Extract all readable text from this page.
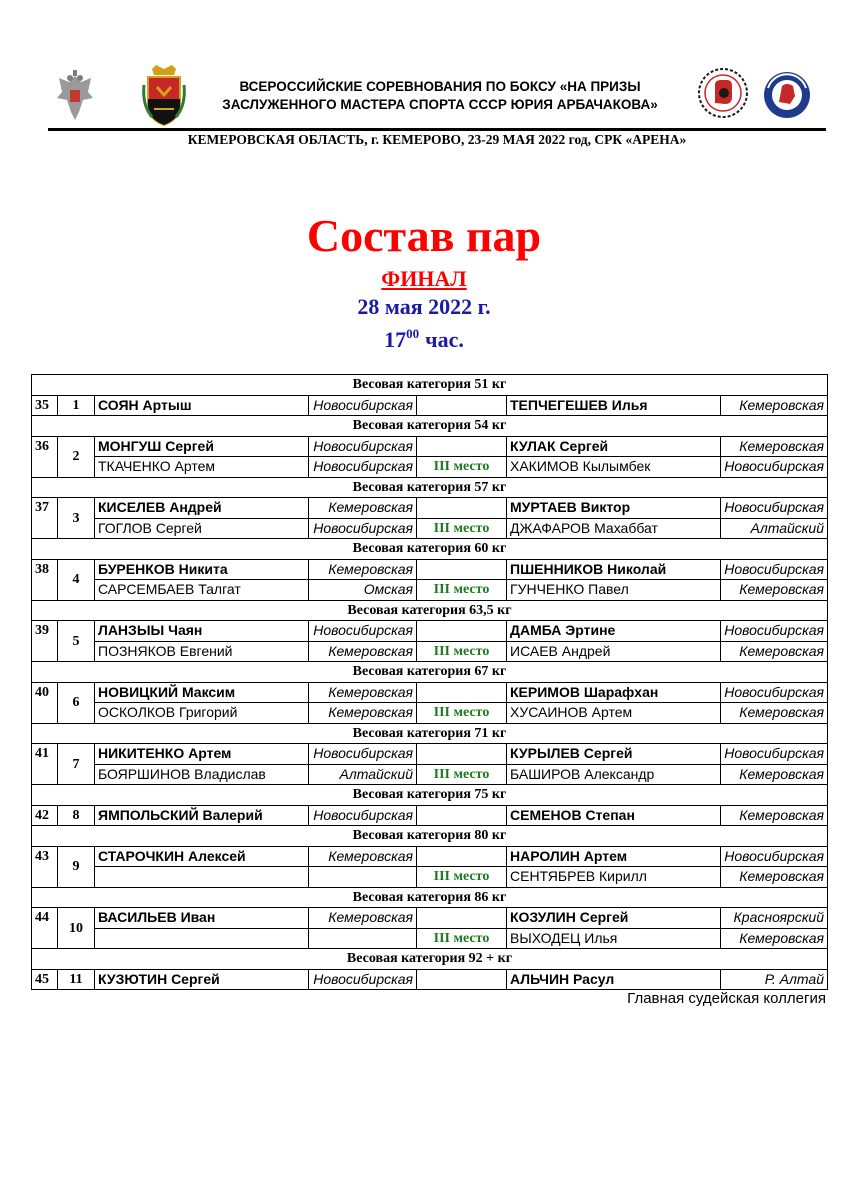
ВСЕРОССИЙСКИЕ СОРЕВНОВАНИЯ ПО БОКСУ «НА ПРИЗЫ
ЗАСЛУЖЕННОГО МАСТЕРА СПОРТА СССР ЮРИЯ АРБАЧАКОВА»
КЕМЕРОВСКАЯ ОБЛАСТЬ, г. КЕМЕРОВО, 23-29 МАЯ 2022 год, СРК «АРЕНА»
Состав пар
ФИНАЛ
28 мая 2022 г.
$17^{00}$ час.
Весовая категория 51 кг						
35	1	СОЯН Артыш	Новосибирская		ТЕПЧЕГЕШЕВ Илья	Кемеровская
Весовая категория 54 кг						
36	2	МОНГУШ Сергей	Новосибирская		КУЛАК Сергей	Кемеровская
		ТКАЧЕНКО Артем	Новосибирская	III место	ХАКИМОВ Кылымбек	Новосибирская
Весовая категория 57 кг						
37	3	КИСЕЛЕВ Андрей	Кемеровская		МУРТАЕВ Виктор	Новосибирская
		ГОГЛОВ Сергей	Новосибирская	III место	ДЖАФАРОВ Махаббат	Алтайский
Весовая категория 60 кг						
38	4	БУРЕНКОВ Никита	Кемеровская		ПШЕННИКОВ Николай	Новосибирская
		САРСЕМБАЕВ Талгат	Омская	III место	ГУНЧЕНКО Павел	Кемеровская
Весовая категория 63,5 кг						
39	5	ЛАНЗЫЫ Чаян	Новосибирская		ДАМБА Эртине	Новосибирская
		ПОЗНЯКОВ Евгений	Кемеровская	III место	ИСАЕВ Андрей	Кемеровская
Весовая категория 67 кг						
40	6	НОВИЦКИЙ Максим	Кемеровская		КЕРИМОВ Шарафхан	Новосибирская
		ОСКОЛКОВ Григорий	Кемеровская	III место	ХУСАИНОВ Артем	Кемеровская
Весовая категория 71 кг						
41	7	НИКИТЕНКО Артем	Новосибирская		КУРЫЛЕВ Сергей	Новосибирская
		БОЯРШИНОВ Владислав	Алтайский	III место	БАШИРОВ Александр	Кемеровская
Весовая категория 75 кг						
42	8	ЯМПОЛЬСКИЙ Валерий	Новосибирская		СЕМЕНОВ Степан	Кемеровская
Весовая категория 80 кг						
43	9	СТАРОЧКИН Алексей	Кемеровская		НАРОЛИН Артем	Новосибирская
				III место	СЕНТЯБРЕВ Кирилл	Кемеровская
Весовая категория 86 кг						
44	10	ВАСИЛЬЕВ Иван	Кемеровская		КОЗУЛИН Сергей	Красноярский
				III место	ВЫХОДЕЦ Илья	Кемеровская
Весовая категория 92 + кг						
45	11	КУЗЮТИН Сергей	Новосибирская		АЛЬЧИН Расул	Р. Алтай
Главная судейская коллегия
